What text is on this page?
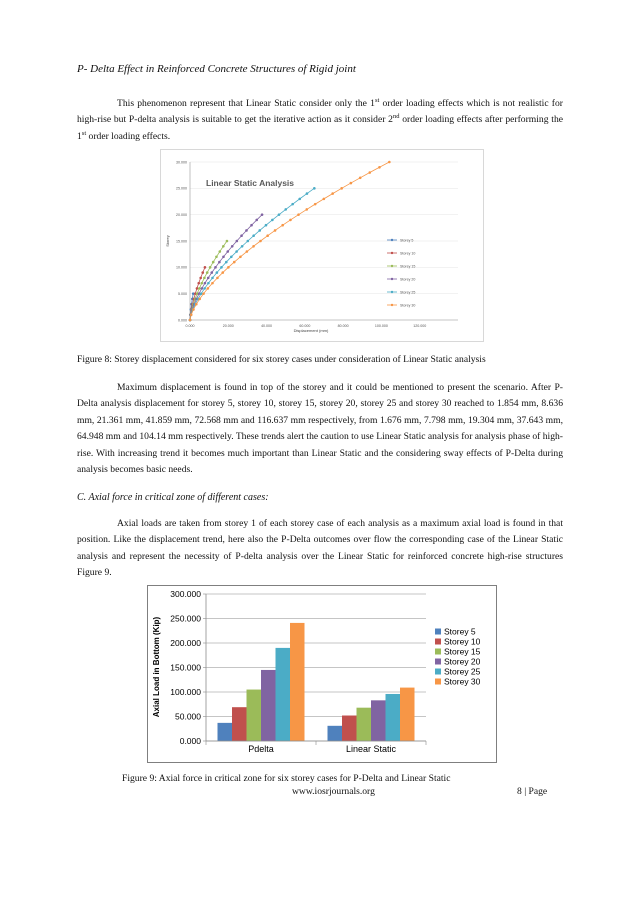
P- Delta Effect in Reinforced Concrete Structures of Rigid joint

This phenomenon represent that Linear Static consider only the 1st order loading effects which is not realistic for high-rise but P-delta analysis is suitable to get the iterative action as it consider 2nd order loading effects after performing the 1st order loading effects.

0.000
5.000
10.000
15.000
20.000
25.000
30.000
0.000	20.000	40.000	60.000	80.000	100.000	120.000
Storey 5
Storey 10
Storey 15
Storey 20
Storey 25
Storey 30
Linear Static Analysis
Displacement (mm)
Storey
Figure 8: Storey displacement considered for six storey cases under consideration of Linear Static analysis

Maximum displacement is found in top of the storey and it could be mentioned to present the scenario. After P-Delta analysis displacement for storey 5, storey 10, storey 15, storey 20, storey 25 and storey 30 reached to 1.854 mm, 8.636 mm, 21.361 mm, 41.859 mm, 72.568 mm and 116.637 mm respectively, from 1.676 mm, 7.798 mm, 19.304 mm, 37.643 mm, 64.948 mm and 104.14 mm respectively. These trends alert the caution to use Linear Static analysis for analysis phase of high-rise. With increasing trend it becomes much important than Linear Static and the considering sway effects of P-Delta during analysis becomes basic needs.

C. Axial force in critical zone of different cases:

Axial loads are taken from storey 1 of each storey case of each analysis as a maximum axial load is found in that position. Like the displacement trend, here also the P-Delta outcomes over flow the corresponding case of the Linear Static analysis and represent the necessity of P-delta analysis over the Linear Static for reinforced concrete high-rise structures Figure 9.

0.000
50.000
100.000
150.000
200.000
250.000
300.000
Pdelta	Linear Static
Storey 5
Storey 10
Storey 15
Storey 20
Storey 25
Storey 30
Axial Load in Bottom (Kip)
Figure 9: Axial force in critical zone for six storey cases for P-Delta and Linear Static
www.iosrjournals.org	8 | Page
